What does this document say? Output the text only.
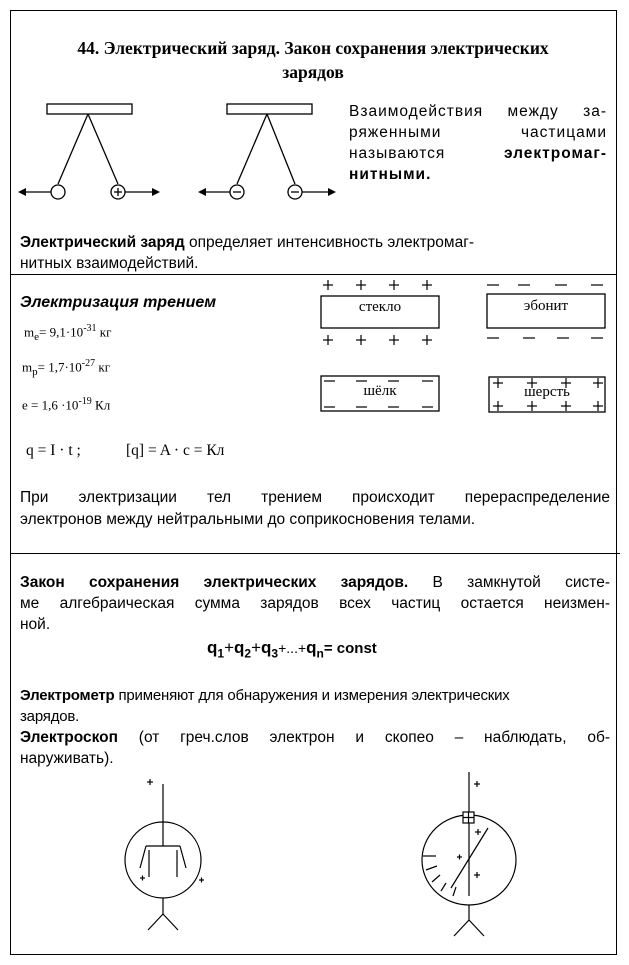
44. Электрический заряд. Закон сохранения электрических
зарядов
Взаимодействия между за-
ряженными	частицами
называются	электромаг-
нитными.
Электрический заряд определяет интенсивность электромаг-
нитных взаимодействий.
Электризация трением
$m_e= 9,1\cdot 10^{-31}$ кг
$m_p= 1,7\cdot 10^{-27}$ кг
$e = 1,6 \cdot 10^{-19}$ Кл
q = I · t ;	[q] = A · c = Кл
стекло	эбонит
шёлк	шерсть
При электризации тел трением происходит перераспределение
электронов между нейтральными до соприкосновения телами.
Закон сохранения электрических зарядов. В замкнутой систе-
ме алгебраическая сумма зарядов всех частиц остается неизмен-
ной.
$q_1+q_2+q_3+...+q_n=$ const
Электрометр применяют для обнаружения и измерения электрических
зарядов.
Электроскоп (от греч.слов электрон и скопео – наблюдать, об-
наруживать).
